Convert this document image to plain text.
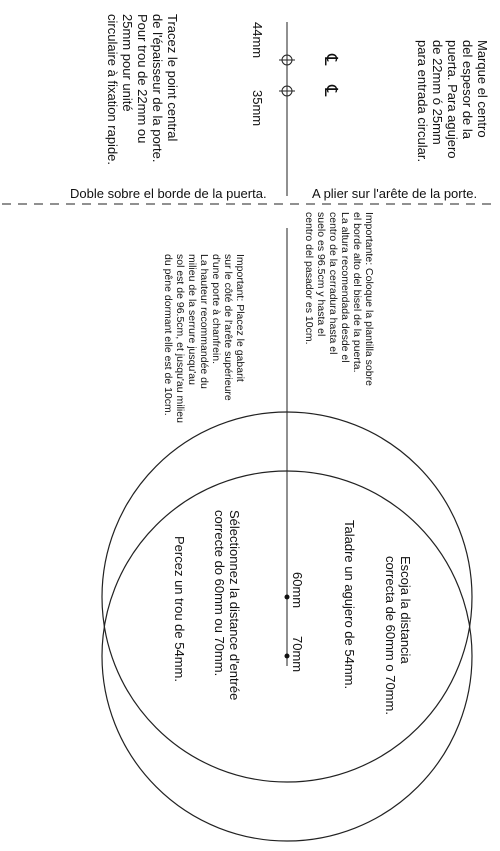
℄
℄	Marque el centro
del espesor de la
puerta. Para agujero
de 22mm ó 25mm
para entrada circular.
Tracez le point central
de l'épaisseur de la porte.
Pour trou de 22mm ou
25mm pour unité
circulaire à fixation rapide.	44mm
35mm
Doble sobre el borde de la puerta.	A plier sur l'arête de la porte.
Importante: Coloque la plantilla sobre
el borde alto del bisel de la puerta.
La altura recomendada desde el
centro de la cerradura hasta el
suelo es 96.5cm y hasta el
centro del pasador es 10cm.
Important: Placez le gabarit
sur le côté de l'arête supérieure
d'une porte à chanfrein.
La hauteur recommandée du
milieu de la serrure jusqu'au
sol est de 96.5cm, et jusqu'au milieu
du pêne dormant elle est de 10cm.
Escoja la distancia
correcta de 60mm o 70mm.
Taladre un agujero de 54mm.
60mm
70mm
Sélectionnez la distance d'entrée
correcte do 60mm ou 70mm.
Percez un trou de 54mm.
